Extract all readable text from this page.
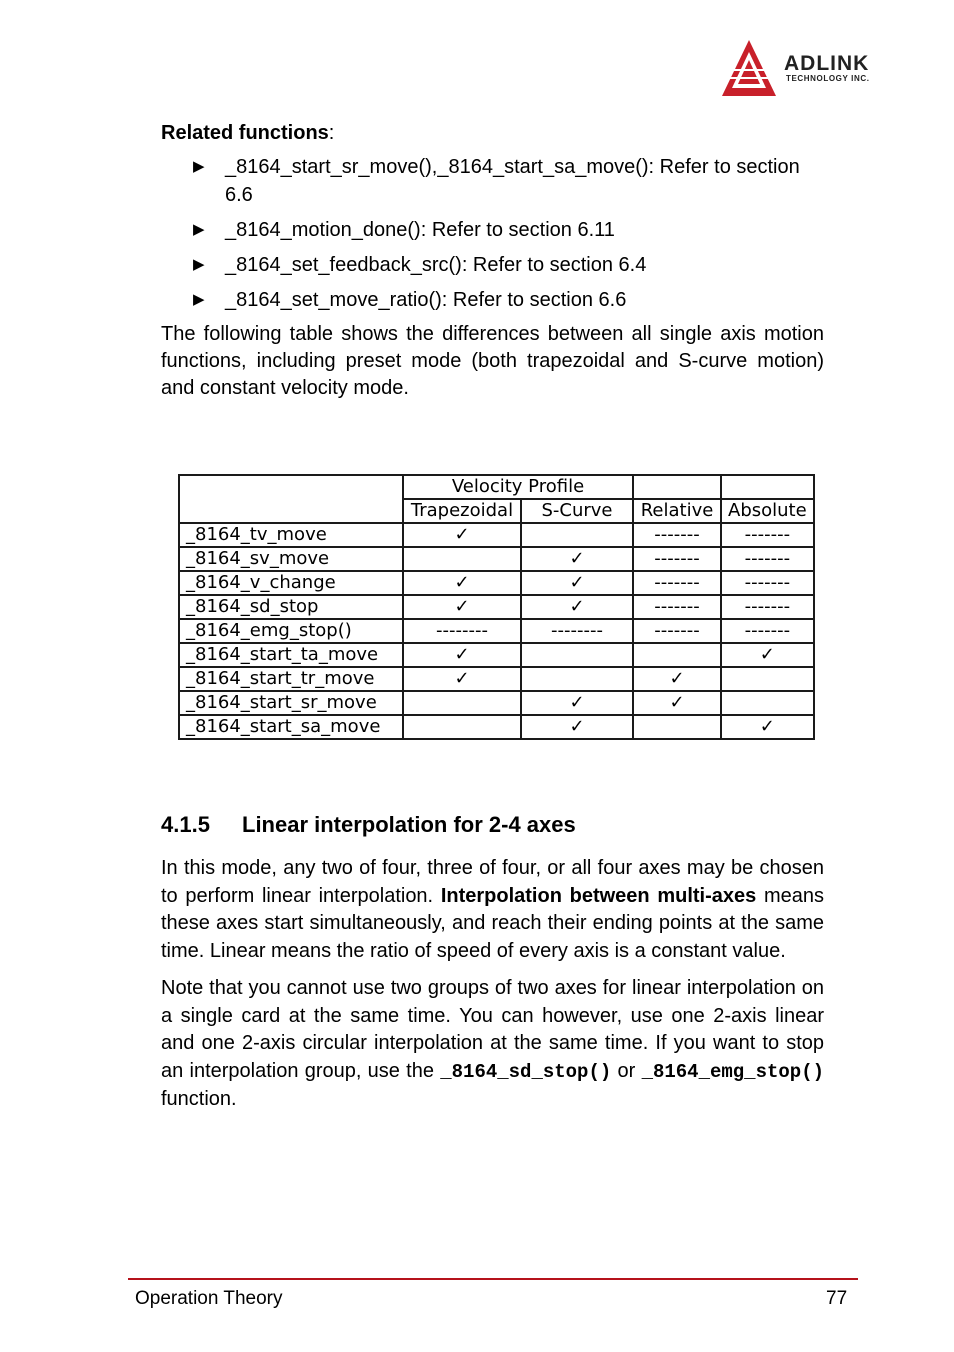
ADLINK
TECHNOLOGY INC.
Related functions:
▶ _8164_start_sr_move(),_8164_start_sa_move(): Refer to section 6.6
▶ _8164_motion_done(): Refer to section 6.11
▶ _8164_set_feedback_src(): Refer to section 6.4
▶ _8164_set_move_ratio(): Refer to section 6.6

The following table shows the differences between all single axis motion functions, including preset mode (both trapezoidal and S-curve motion) and constant velocity mode.

	Velocity Profile			
	Trapezoidal	S-Curve	Relative	Absolute
_8164_tv_move	✓		-------	-------
_8164_sv_move		✓	-------	-------
_8164_v_change	✓	✓	-------	-------
_8164_sd_stop	✓	✓	-------	-------
_8164_emg_stop()	--------	--------	-------	-------
_8164_start_ta_move	✓			✓
_8164_start_tr_move	✓		✓	
_8164_start_sr_move		✓	✓	
_8164_start_sa_move		✓		✓
4.1.5 Linear interpolation for 2-4 axes

In this mode, any two of four, three of four, or all four axes may be chosen to perform linear interpolation. Interpolation between multi-axes means these axes start simultaneously, and reach their ending points at the same time. Linear means the ratio of speed of every axis is a constant value.

Note that you cannot use two groups of two axes for linear interpolation on a single card at the same time. You can however, use one 2-axis linear and one 2-axis circular interpolation at the same time. If you want to stop an interpolation group, use the _8164_sd_stop() or _8164_emg_stop() function.

Operation Theory	77
